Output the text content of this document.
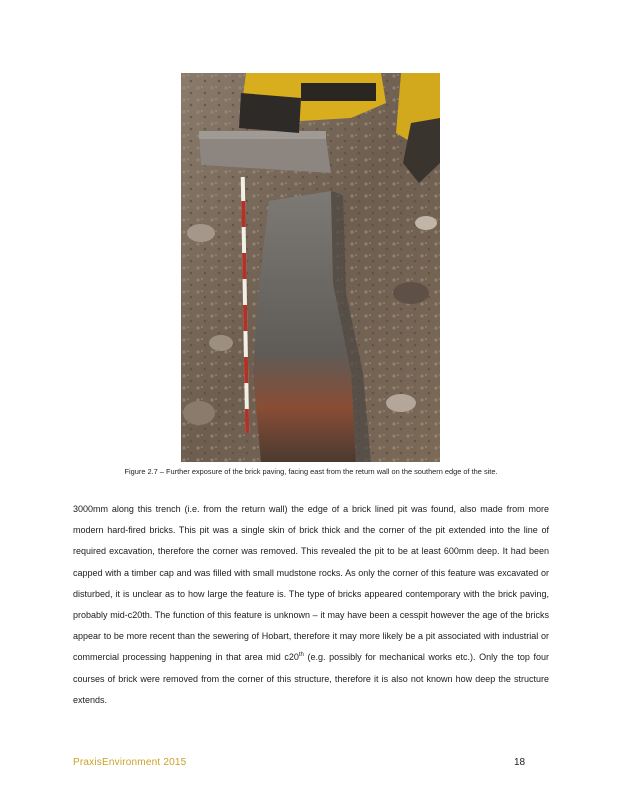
Figure 2.7 – Further exposure of the brick paving, facing east from the return wall on the southern edge of the site.

3000mm along this trench (i.e. from the return wall) the edge of a brick lined pit was found, also made from more modern hard-fired bricks. This pit was a single skin of brick thick and the corner of the pit extended into the line of required excavation, therefore the corner was removed. This revealed the pit to be at least 600mm deep. It had been capped with a timber cap and was filled with small mudstone rocks. As only the corner of this feature was excavated or disturbed, it is unclear as to how large the feature is. The type of bricks appeared contemporary with the brick paving, probably mid-c20th. The function of this feature is unknown – it may have been a cesspit however the age of the bricks appear to be more recent than the sewering of Hobart, therefore it may more likely be a pit associated with industrial or commercial processing happening in that area mid c20th (e.g. possibly for mechanical works etc.). Only the top four courses of brick were removed from the corner of this structure, therefore it is also not known how deep the structure extends.

PraxisEnvironment 2015	18
